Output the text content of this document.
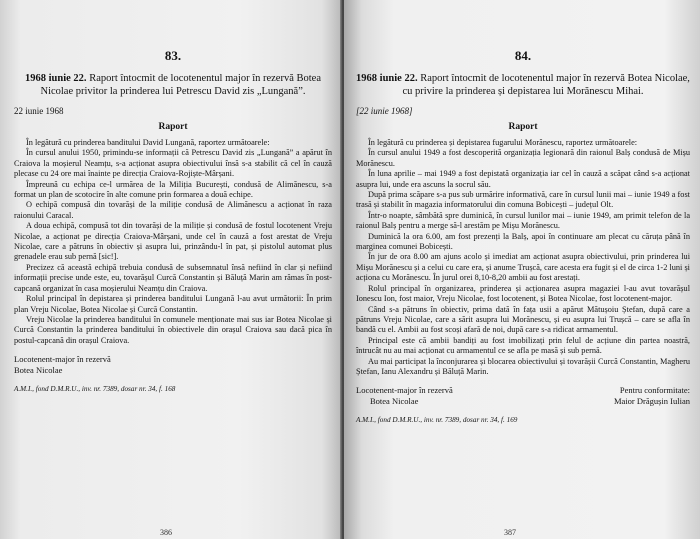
83.
1968 iunie 22. Raport întocmit de locotenentul major în rezervă Botea Nicolae privitor la prinderea lui Petrescu David zis „Lungană”.
22 iunie 1968
Raport

În legătură cu prinderea banditului David Lungană, raportez următoarele:

În cursul anului 1950, primindu-se informații că Petrescu David zis „Lungană” a apărut în Craiova la moșierul Neamțu, s-a acționat asupra obiectivului însă s-a stabilit că cel în cauză plecase cu 24 ore mai înainte pe direcția Craiova-Rojiște-Mârșani.

Împreună cu echipa ce-l urmărea de la Miliția București, condusă de Alimănescu, s-a format un plan de scotocire în alte comune prin formarea a două echipe.

O echipă compusă din tovarăși de la miliție condusă de Alimănescu a acționat în raza raionului Caracal.

A doua echipă, compusă tot din tovarăși de la miliție și condusă de fostul locotenent Vreju Nicolae, a acționat pe direcția Craiova-Mârșani, unde cel în cauză a fost arestat de Vreju Nicolae, care a pătruns în obiectiv și asupra lui, prinzându-l în pat, și pistolul automat plus grenadele erau sub pernă [sic!].

Precizez că această echipă trebuia condusă de subsemnatul însă nefiind în clar și nefiind informații precise unde este, eu, tovarășul Curcă Constantin și Băluță Marin am rămas în post-capcană organizat în casa moșierului Neamțu din Craiova.

Rolul principal în depistarea și prinderea banditului Lungană l-au avut următorii: În prim plan Vreju Nicolae, Botea Nicolae și Curcă Constantin.

Vreju Nicolae la prinderea banditului în comunele menționate mai sus iar Botea Nicolae și Curcă Constantin la prinderea banditului în obiectivele din orașul Craiova sau dacă pica în postul-capcană din orașul Craiova.

Locotenent-major în rezervă
Botea Nicolae
A.M.I., fond D.M.R.U., inv. nr. 7389, dosar nr. 34, f. 168
386
84.
1968 iunie 22. Raport întocmit de locotenentul major în rezervă Botea Nicolae, cu privire la prinderea și depistarea lui Morănescu Mihai.
[22 iunie 1968]
Raport

În legătură cu prinderea și depistarea fugarului Morănescu, raportez următoarele:

În cursul anului 1949 a fost descoperită organizația legionară din raionul Balș condusă de Mișu Morănescu.

În luna aprilie – mai 1949 a fost depistată organizația iar cel în cauză a scăpat când s-a acționat asupra lui, unde era ascuns la socrul său.

După prima scăpare s-a pus sub urmărire informativă, care în cursul lunii mai – iunie 1949 a fost trasă și stabilit în magazia informatorului din comuna Bobicești – județul Olt.

Într-o noapte, sâmbătă spre duminică, în cursul lunilor mai – iunie 1949, am primit telefon de la raionul Balș pentru a merge să-l arestăm pe Mișu Morănescu.

Duminică la ora 6.00, am fost prezenți la Balș, apoi în continuare am plecat cu căruța până în marginea comunei Bobicești.

În jur de ora 8.00 am ajuns acolo și imediat am acționat asupra obiectivului, prin prinderea lui Mișu Morănescu și a celui cu care era, și anume Trușcă, care acesta era fugit și el de circa 1-2 luni și acționa cu Morănescu. În jurul orei 8,10-8,20 ambii au fost arestați.

Rolul principal în organizarea, prinderea și acționarea asupra magaziei l-au avut tovarășul Ionescu Ion, fost maior, Vreju Nicolae, fost locotenent, și Botea Nicolae, fost locotenent-major.

Când s-a pătruns în obiectiv, prima dată în fața usii a apărut Mătușoiu Ștefan, după care a pătruns Vreju Nicolae, care a sărit asupra lui Morănescu, și eu asupra lui Trușcă – care se afla în bandă cu el. Ambii au fost scoși afară de noi, după care s-a ridicat armamentul.

Principal este că ambii bandiți au fost imobilizați prin felul de acțiune din partea noastră, întrucât nu au mai acționat cu armamentul ce se afla pe masă și sub pernă.

Au mai participat la înconjurarea și blocarea obiectivului și tovarășii Curcă Constantin, Magheru Ștefan, Ianu Alexandru și Băluță Marin.

Locotenent-major în rezervă
Botea Nicolae
Pentru conformitate:
Maior Drăgușin Iulian
A.M.I., fond D.M.R.U., inv. nr. 7389, dosar nr. 34, f. 169
387
